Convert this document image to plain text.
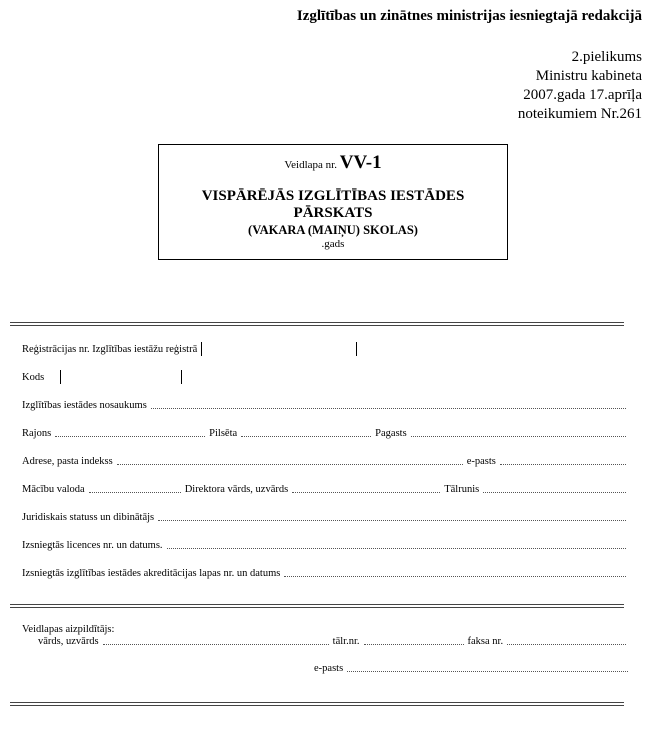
Izglītības un zinātnes ministrijas iesniegtajā redakcijā
2.pielikums
Ministru kabineta
2007.gada 17.aprīļa
noteikumiem Nr.261
Veidlapa nr. VV-1
VISPĀRĒJĀS IZGLĪTĪBAS IESTĀDES
PĀRSKATS
(VAKARA (MAIŅU) SKOLAS)
.gads
Reģistrācijas nr. Izglītības iestāžu reģistrā
Kods
Izglītības iestādes nosaukums
Rajons	Pilsēta	Pagasts
Adrese, pasta indekss	e-pasts
Mācību valoda	Direktora vārds, uzvārds	Tālrunis
Juridiskais statuss un dibinātājs
Izsniegtās licences nr. un datums.
Izsniegtās izglītības iestādes akreditācijas lapas nr. un datums
Veidlapas aizpildītājs:
vārds, uzvārds	tālr.nr.	faksa nr.
e-pasts
